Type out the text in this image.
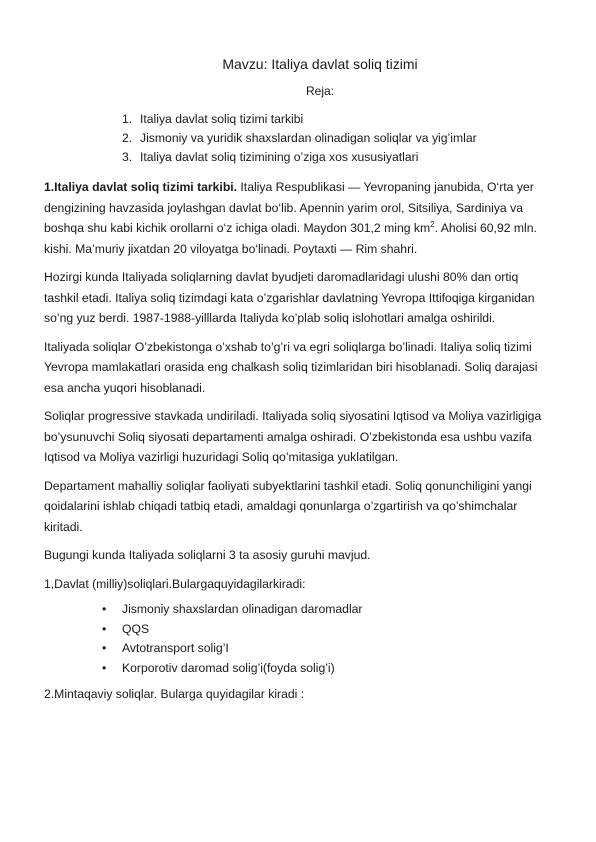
Mavzu: Italiya davlat soliq tizimi
Reja:
1. Italiya davlat soliq tizimi tarkibi
2. Jismoniy va yuridik shaxslardan olinadigan soliqlar va yig’imlar
3. Italiya davlat soliq tizimining o’ziga xos xususiyatlari

1.Italiya davlat soliq tizimi tarkibi. Italiya Respublikasi — Yevropaning janubida, O‘rta yer dengizining havzasida joylashgan davlat bo‘lib. Apennin yarim orol, Sitsiliya, Sardiniya va boshqa shu kabi kichik orollarni o‘z ichiga oladi. Maydon 301,2 ming $km^2$. Aholisi 60,92 mln. kishi. Ma’muriy jixatdan 20 viloyatga bo‘linadi. Poytaxti — Rim shahri.

Hozirgi kunda Italiyada soliqlarning davlat byudjeti daromadlaridagi ulushi 80% dan ortiq tashkil etadi. Italiya soliq tizimdagi kata o’zgarishlar davlatning Yevropa Ittifoqiga kirganidan so’ng yuz berdi. 1987-1988-yilllarda Italiyda ko’plab soliq islohotlari amalga oshirildi.

Italiyada soliqlar O’zbekistonga o’xshab to’g’ri va egri soliqlarga bo’linadi. Italiya soliq tizimi Yevropa mamlakatlari orasida eng chalkash soliq tizimlaridan biri hisoblanadi. Soliq darajasi esa ancha yuqori hisoblanadi.

Soliqlar progressive stavkada undiriladi. Italiyada soliq siyosatini Iqtisod va Moliya vazirligiga bo’ysunuvchi Soliq siyosati departamenti amalga oshiradi. O’zbekistonda esa ushbu vazifa Iqtisod va Moliya vazirligi huzuridagi Soliq qo’mitasiga yuklatilgan.

Departament mahalliy soliqlar faoliyati subyektlarini tashkil etadi. Soliq qonunchiligini yangi qoidalarini ishlab chiqadi tatbiq etadi, amaldagi qonunlarga o’zgartirish va qo’shimchalar kiritadi.

Bugungi kunda Italiyada soliqlarni 3 ta asosiy guruhi mavjud.

1,Davlat (milliy)soliqlari.Bulargaquyidagilarkiradi:

• Jismoniy shaxslardan olinadigan daromadlar
• QQS
• Avtotransport solig’I
• Korporotiv daromad solig’i(foyda solig’i)

2.Mintaqaviy soliqlar. Bularga quyidagilar kiradi :
